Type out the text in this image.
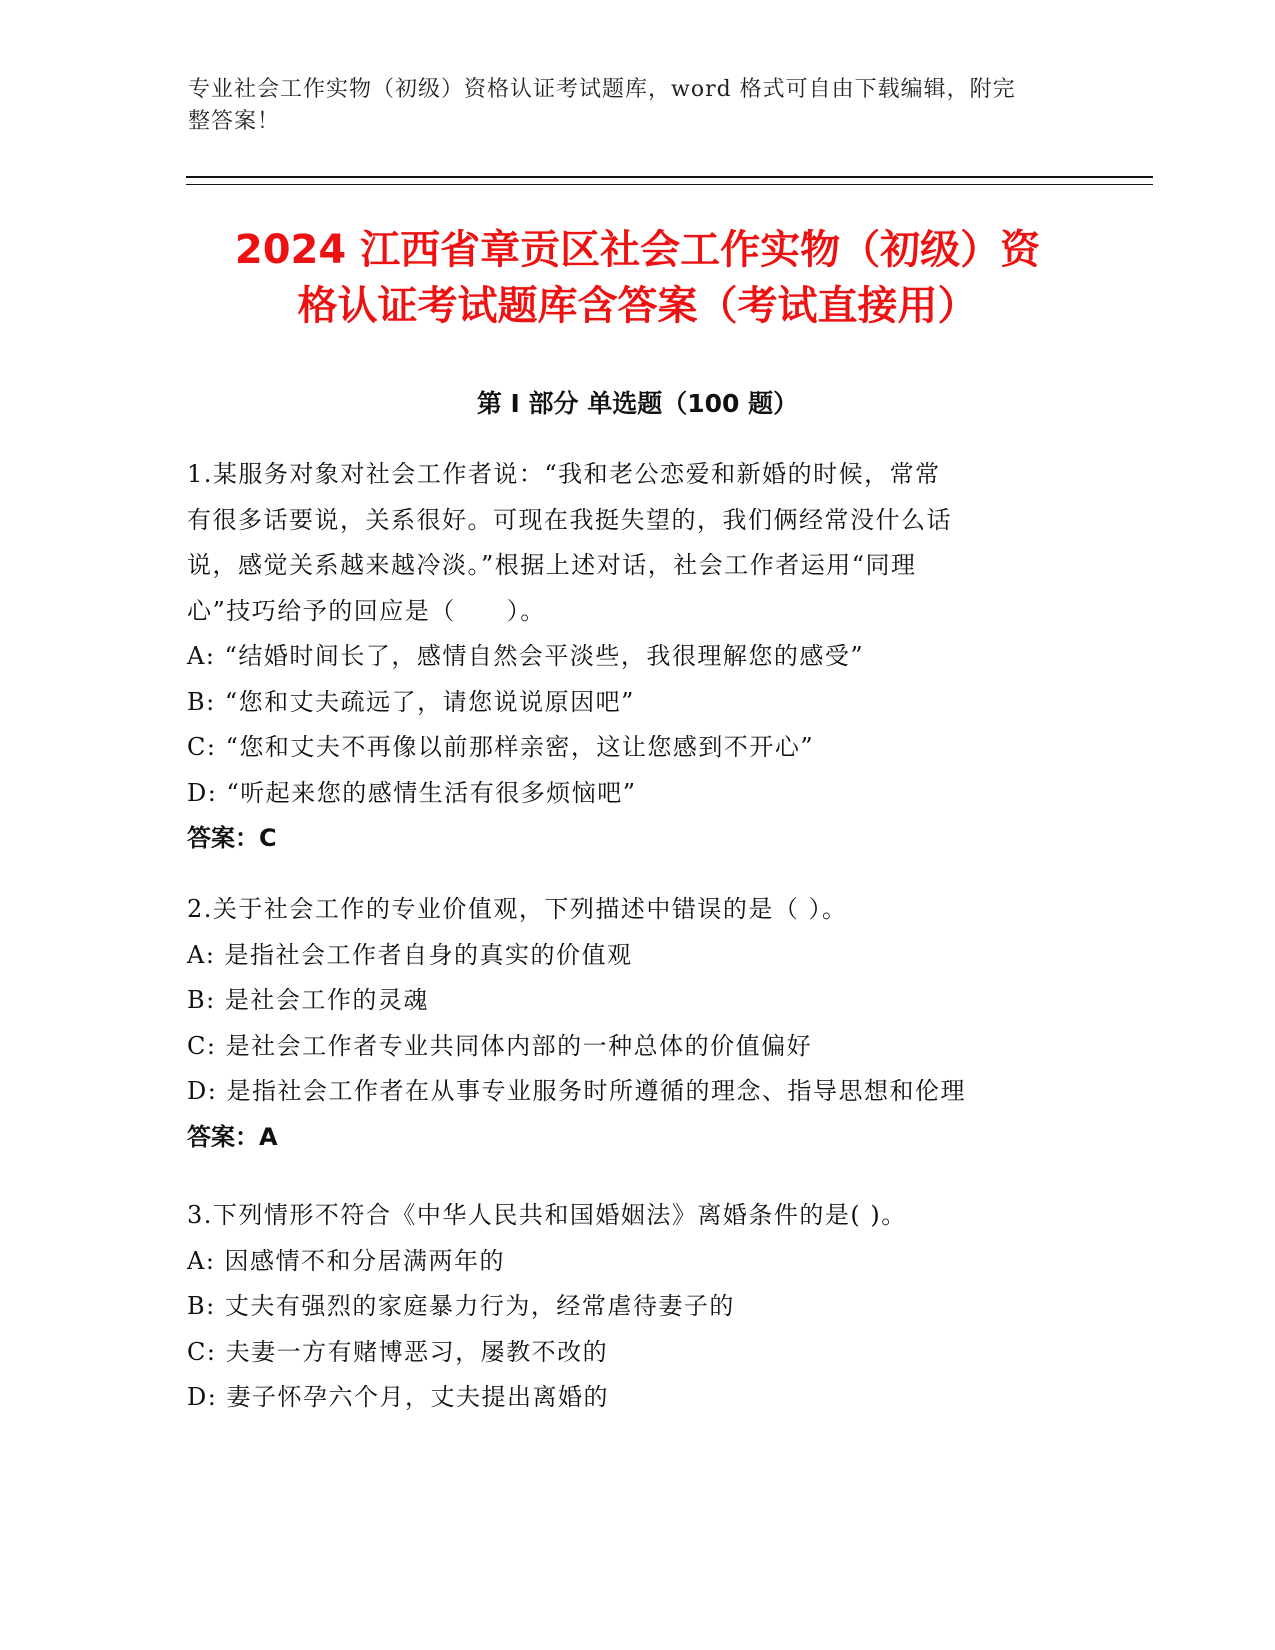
专业社会工作实物（初级）资格认证考试题库，word 格式可自由下载编辑，附完
整答案！
2024 江西省章贡区社会工作实物（初级）资
格认证考试题库含答案（考试直接用）
第 I 部分 单选题（100 题）
1.某服务对象对社会工作者说：“我和老公恋爱和新婚的时候，常常
有很多话要说，关系很好。可现在我挺失望的，我们俩经常没什么话
说，感觉关系越来越冷淡。”根据上述对话，社会工作者运用“同理
心”技巧给予的回应是（　　）。
A: “结婚时间长了，感情自然会平淡些，我很理解您的感受”
B: “您和丈夫疏远了，请您说说原因吧”
C: “您和丈夫不再像以前那样亲密，这让您感到不开心”
D: “听起来您的感情生活有很多烦恼吧”
答案：C
2.关于社会工作的专业价值观，下列描述中错误的是（ ）。
A: 是指社会工作者自身的真实的价值观
B: 是社会工作的灵魂
C: 是社会工作者专业共同体内部的一种总体的价值偏好
D: 是指社会工作者在从事专业服务时所遵循的理念、指导思想和伦理
答案：A
3.下列情形不符合《中华人民共和国婚姻法》离婚条件的是( )。
A: 因感情不和分居满两年的
B: 丈夫有强烈的家庭暴力行为，经常虐待妻子的
C: 夫妻一方有赌博恶习，屡教不改的
D: 妻子怀孕六个月，丈夫提出离婚的
